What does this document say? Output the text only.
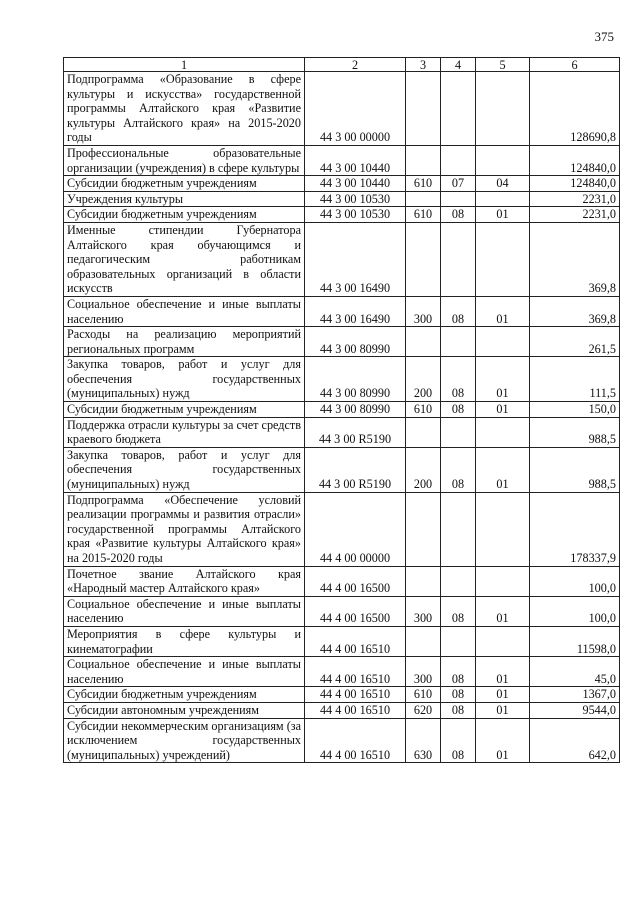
375
1	2	3	4	5	6
Подпрограмма «Образование в сфере культуры и искусства» государственной программы Алтайского края «Развитие культуры Алтайского края» на 2015-2020 годы	44 3 00 00000				128690,8
Профессиональные образовательные организации (учреждения) в сфере культуры	44 3 00 10440				124840,0
Субсидии бюджетным учреждениям	44 3 00 10440	610	07	04	124840,0
Учреждения культуры	44 3 00 10530				2231,0
Субсидии бюджетным учреждениям	44 3 00 10530	610	08	01	2231,0
Именные стипендии Губернатора Алтайского края обучающимся и педагогическим работникам образовательных организаций в области искусств	44 3 00 16490				369,8
Социальное обеспечение и иные выплаты населению	44 3 00 16490	300	08	01	369,8
Расходы на реализацию мероприятий региональных программ	44 3 00 80990				261,5
Закупка товаров, работ и услуг для обеспечения государственных (муниципальных) нужд	44 3 00 80990	200	08	01	111,5
Субсидии бюджетным учреждениям	44 3 00 80990	610	08	01	150,0
Поддержка отрасли культуры за счет средств краевого бюджета	44 3 00 R5190				988,5
Закупка товаров, работ и услуг для обеспечения государственных (муниципальных) нужд	44 3 00 R5190	200	08	01	988,5
Подпрограмма «Обеспечение условий реализации программы и развития отрасли» государственной программы Алтайского края «Развитие культуры Алтайского края» на 2015-2020 годы	44 4 00 00000				178337,9
Почетное звание Алтайского края «Народный мастер Алтайского края»	44 4 00 16500				100,0
Социальное обеспечение и иные выплаты населению	44 4 00 16500	300	08	01	100,0
Мероприятия в сфере культуры и кинематографии	44 4 00 16510				11598,0
Социальное обеспечение и иные выплаты населению	44 4 00 16510	300	08	01	45,0
Субсидии бюджетным учреждениям	44 4 00 16510	610	08	01	1367,0
Субсидии автономным учреждениям	44 4 00 16510	620	08	01	9544,0
Субсидии некоммерческим организациям (за исключением государственных (муниципальных) учреждений)	44 4 00 16510	630	08	01	642,0
